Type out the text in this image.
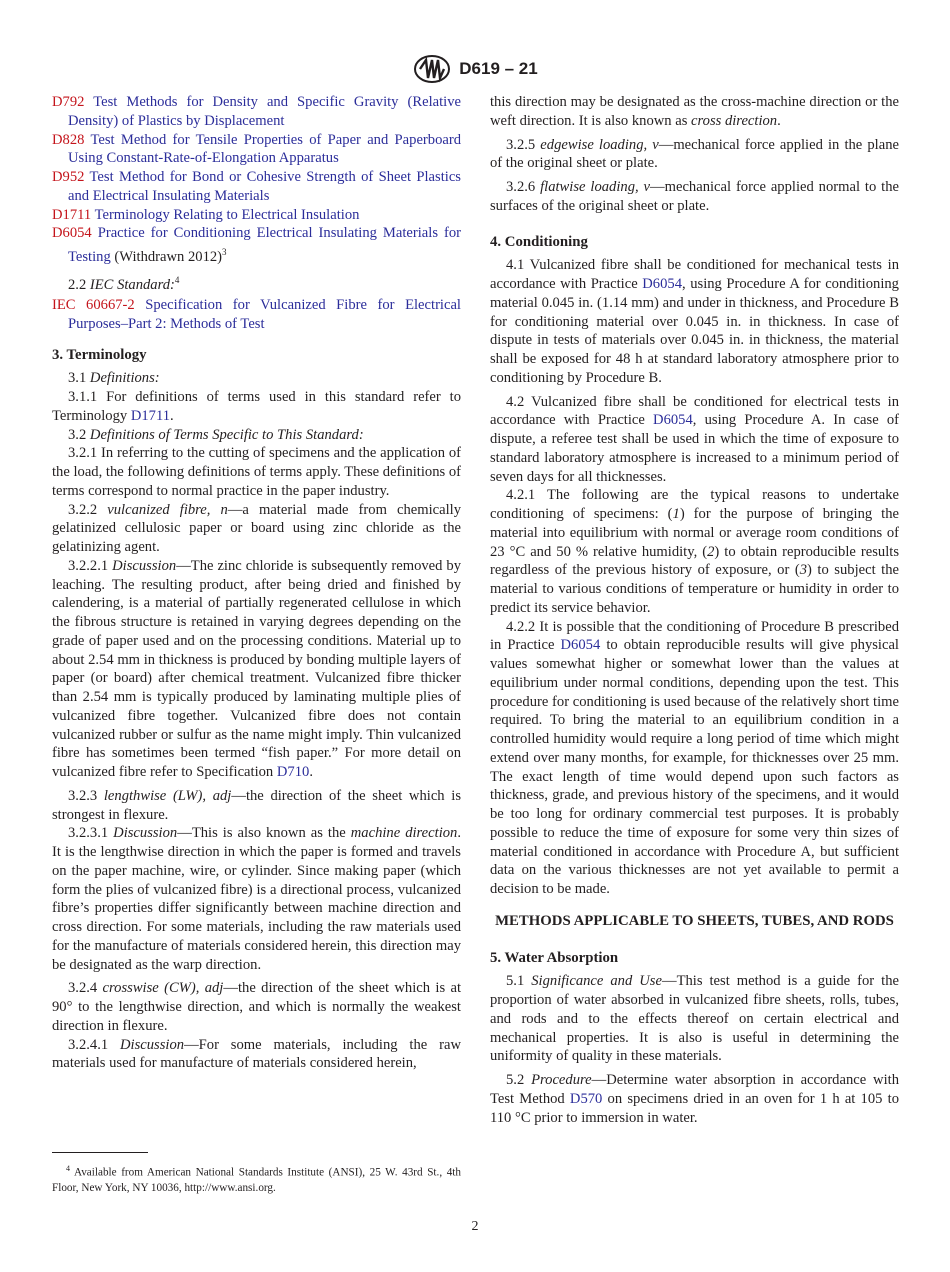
D619 – 21

D792 Test Methods for Density and Specific Gravity (Relative Density) of Plastics by Displacement

D828 Test Method for Tensile Properties of Paper and Paperboard Using Constant-Rate-of-Elongation Apparatus

D952 Test Method for Bond or Cohesive Strength of Sheet Plastics and Electrical Insulating Materials

D1711 Terminology Relating to Electrical Insulation

D6054 Practice for Conditioning Electrical Insulating Materials for Testing (Withdrawn 2012)$^3$

2.2 IEC Standard:$^4$

IEC 60667-2 Specification for Vulcanized Fibre for Electrical Purposes–Part 2: Methods of Test

3. Terminology

3.1 Definitions:

3.1.1 For definitions of terms used in this standard refer to Terminology D1711.

3.2 Definitions of Terms Specific to This Standard:

3.2.1 In referring to the cutting of specimens and the application of the load, the following definitions of terms apply. These definitions of terms correspond to normal practice in the paper industry.

3.2.2 vulcanized fibre, n—a material made from chemically gelatinized cellulosic paper or board using zinc chloride as the gelatinizing agent.

3.2.2.1 Discussion—The zinc chloride is subsequently removed by leaching. The resulting product, after being dried and finished by calendering, is a material of partially regenerated cellulose in which the fibrous structure is retained in varying degrees depending on the grade of paper used and on the processing conditions. Material up to about 2.54 mm in thickness is produced by bonding multiple layers of paper (or board) after chemical treatment. Vulcanized fibre thicker than 2.54 mm is typically produced by laminating multiple plies of vulcanized fibre together. Vulcanized fibre does not contain vulcanized rubber or sulfur as the name might imply. Thin vulcanized fibre has sometimes been termed “fish paper.” For more detail on vulcanized fibre refer to Specification D710.

3.2.3 lengthwise (LW), adj—the direction of the sheet which is strongest in flexure.

3.2.3.1 Discussion—This is also known as the machine direction. It is the lengthwise direction in which the paper is formed and travels on the paper machine, wire, or cylinder. Since making paper (which form the plies of vulcanized fibre) is a directional process, vulcanized fibre’s properties differ significantly between machine direction and cross direction. For some materials, including the raw materials used for the manufacture of materials considered herein, this direction may be designated as the warp direction.

3.2.4 crosswise (CW), adj—the direction of the sheet which is at 90° to the lengthwise direction, and which is normally the weakest direction in flexure.

3.2.4.1 Discussion—For some materials, including the raw materials used for manufacture of materials considered herein,

this direction may be designated as the cross-machine direction or the weft direction. It is also known as cross direction.

3.2.5 edgewise loading, v—mechanical force applied in the plane of the original sheet or plate.

3.2.6 flatwise loading, v—mechanical force applied normal to the surfaces of the original sheet or plate.

4. Conditioning

4.1 Vulcanized fibre shall be conditioned for mechanical tests in accordance with Practice D6054, using Procedure A for conditioning material 0.045 in. (1.14 mm) and under in thickness, and Procedure B for conditioning material over 0.045 in. in thickness. In case of dispute in tests of materials over 0.045 in. in thickness, the material shall be exposed for 48 h at standard laboratory atmosphere prior to conditioning by Procedure B.

4.2 Vulcanized fibre shall be conditioned for electrical tests in accordance with Practice D6054, using Procedure A. In case of dispute, a referee test shall be used in which the time of exposure to standard laboratory atmosphere is increased to a minimum period of seven days for all thicknesses.

4.2.1 The following are the typical reasons to undertake conditioning of specimens: (1) for the purpose of bringing the material into equilibrium with normal or average room conditions of 23 °C and 50 % relative humidity, (2) to obtain reproducible results regardless of the previous history of exposure, or (3) to subject the material to various conditions of temperature or humidity in order to predict its service behavior.

4.2.2 It is possible that the conditioning of Procedure B prescribed in Practice D6054 to obtain reproducible results will give physical values somewhat higher or somewhat lower than the values at equilibrium under normal conditions, depending upon the test. This procedure for conditioning is used because of the relatively short time required. To bring the material to an equilibrium condition in a controlled humidity would require a long period of time which might extend over many months, for example, for thicknesses over 25 mm. The exact length of time would depend upon such factors as thickness, grade, and previous history of the specimens, and it would be too long for ordinary commercial test purposes. It is probably possible to reduce the time of exposure for some very thin sizes of material conditioned in accordance with Procedure A, but sufficient data on the various thicknesses are not yet available to permit a decision to be made.

METHODS APPLICABLE TO SHEETS, TUBES, AND RODS
5. Water Absorption

5.1 Significance and Use—This test method is a guide for the proportion of water absorbed in vulcanized fibre sheets, rolls, tubes, and rods and to the effects thereof on certain electrical and mechanical properties. It is also is useful in determining the uniformity of quality in these materials.

5.2 Procedure—Determine water absorption in accordance with Test Method D570 on specimens dried in an oven for 1 h at 105 to 110 °C prior to immersion in water.

$^4$ Available from American National Standards Institute (ANSI), 25 W. 43rd St., 4th Floor, New York, NY 10036, http://www.ansi.org.
2
